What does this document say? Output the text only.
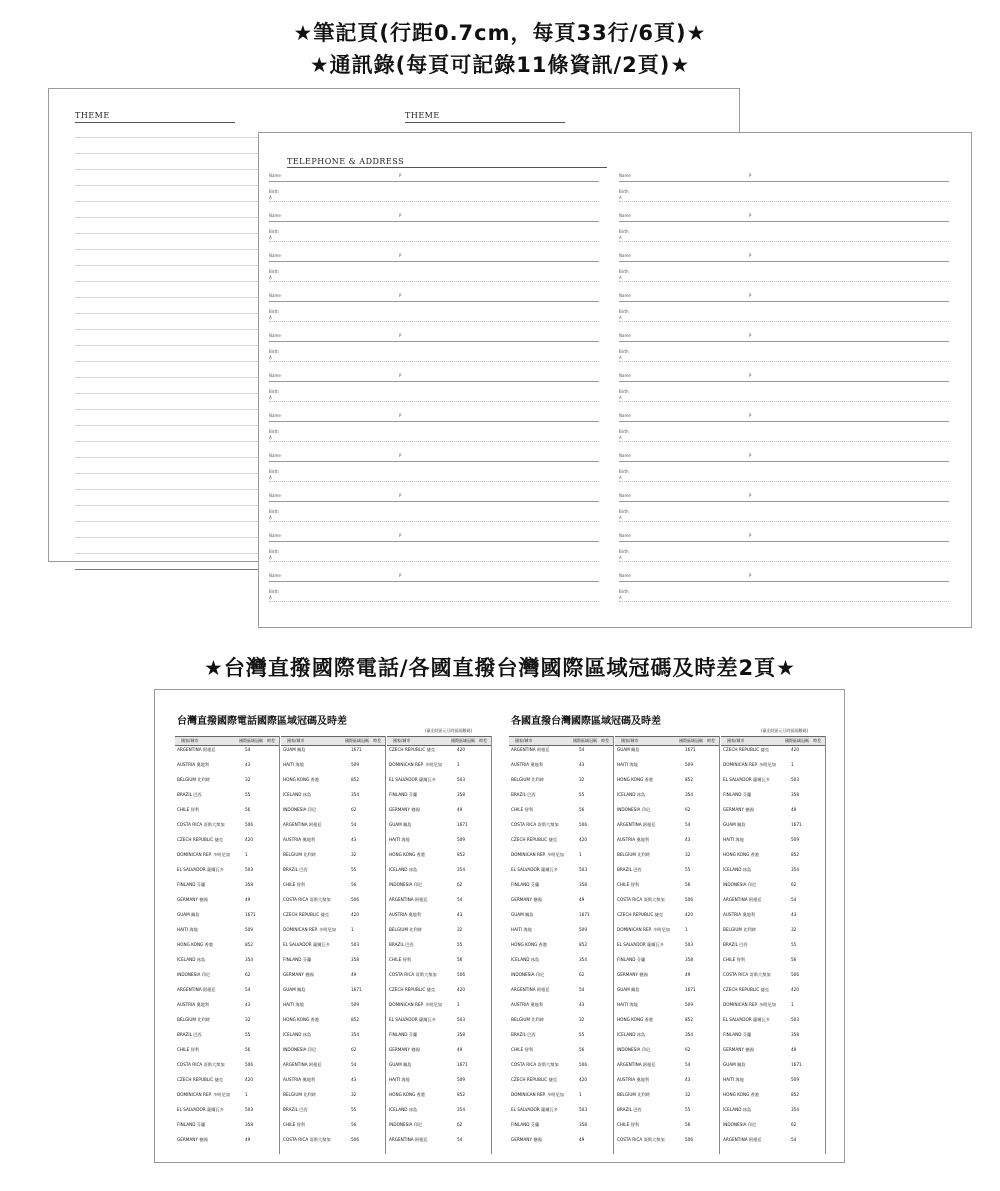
★筆記頁(行距0.7cm，每頁33行/6頁)★
★通訊錄(每頁可記錄11條資訊/2頁)★
THEME	THEME
TELEPHONE & ADDRESS
Name	P
Birth
A
Name	P
Birth
A
Name	P
Birth
A
Name	P
Birth
A
Name	P
Birth
A
Name	P
Birth
A
Name	P
Birth
A
Name	P
Birth
A
Name	P
Birth
A
Name	P
Birth
A
Name	P
Birth
A
Name	P
Birth
A
Name	P
Birth
A
Name	P
Birth
A
Name	P
Birth
A
Name	P
Birth
A
Name	P
Birth
A
Name	P
Birth
A
Name	P
Birth
A
Name	P
Birth
A
Name	P
Birth
A
Name	P
Birth
A
★台灣直撥國際電話/各國直撥台灣國際區域冠碼及時差2頁★
台灣直撥國際電話國際區域冠碼及時差
(臺北時區元旦時區隔數碼)
各國直撥台灣國際區域冠碼及時差
(臺北時區元旦時區隔數碼)
國家/城市	國際區域冠碼 時差
ARGENTINA 阿根廷	54
AUSTRIA 奧地利	43
BELGIUM 比利時	32
BRAZIL 巴西	55
CHILE 智利	56
COSTA RICA 哥斯大黎加	506
CZECH REPUBLIC 捷克	420
DOMINICAN REP. 多明尼加	1
EL SALVADOR 薩爾瓦多	503
FINLAND 芬蘭	358
GERMANY 德國	49
GUAM 關島	1671
HAITI 海地	509
HONG KONG 香港	852
ICELAND 冰島	354
INDONESIA 印尼	62
ARGENTINA 阿根廷	54
AUSTRIA 奧地利	43
BELGIUM 比利時	32
BRAZIL 巴西	55
CHILE 智利	56
COSTA RICA 哥斯大黎加	506
CZECH REPUBLIC 捷克	420
DOMINICAN REP. 多明尼加	1
EL SALVADOR 薩爾瓦多	503
FINLAND 芬蘭	358
GERMANY 德國	49
國家/城市	國際區域冠碼 時差
GUAM 關島	1671
HAITI 海地	509
HONG KONG 香港	852
ICELAND 冰島	354
INDONESIA 印尼	62
ARGENTINA 阿根廷	54
AUSTRIA 奧地利	43
BELGIUM 比利時	32
BRAZIL 巴西	55
CHILE 智利	56
COSTA RICA 哥斯大黎加	506
CZECH REPUBLIC 捷克	420
DOMINICAN REP. 多明尼加	1
EL SALVADOR 薩爾瓦多	503
FINLAND 芬蘭	358
GERMANY 德國	49
GUAM 關島	1671
HAITI 海地	509
HONG KONG 香港	852
ICELAND 冰島	354
INDONESIA 印尼	62
ARGENTINA 阿根廷	54
AUSTRIA 奧地利	43
BELGIUM 比利時	32
BRAZIL 巴西	55
CHILE 智利	56
COSTA RICA 哥斯大黎加	506
國家/城市	國際區域冠碼 時差
CZECH REPUBLIC 捷克	420
DOMINICAN REP. 多明尼加	1
EL SALVADOR 薩爾瓦多	503
FINLAND 芬蘭	358
GERMANY 德國	49
GUAM 關島	1671
HAITI 海地	509
HONG KONG 香港	852
ICELAND 冰島	354
INDONESIA 印尼	62
ARGENTINA 阿根廷	54
AUSTRIA 奧地利	43
BELGIUM 比利時	32
BRAZIL 巴西	55
CHILE 智利	56
COSTA RICA 哥斯大黎加	506
CZECH REPUBLIC 捷克	420
DOMINICAN REP. 多明尼加	1
EL SALVADOR 薩爾瓦多	503
FINLAND 芬蘭	358
GERMANY 德國	49
GUAM 關島	1671
HAITI 海地	509
HONG KONG 香港	852
ICELAND 冰島	354
INDONESIA 印尼	62
ARGENTINA 阿根廷	54
國家/城市	國際區域冠碼 時差
ARGENTINA 阿根廷	54
AUSTRIA 奧地利	43
BELGIUM 比利時	32
BRAZIL 巴西	55
CHILE 智利	56
COSTA RICA 哥斯大黎加	506
CZECH REPUBLIC 捷克	420
DOMINICAN REP. 多明尼加	1
EL SALVADOR 薩爾瓦多	503
FINLAND 芬蘭	358
GERMANY 德國	49
GUAM 關島	1671
HAITI 海地	509
HONG KONG 香港	852
ICELAND 冰島	354
INDONESIA 印尼	62
ARGENTINA 阿根廷	54
AUSTRIA 奧地利	43
BELGIUM 比利時	32
BRAZIL 巴西	55
CHILE 智利	56
COSTA RICA 哥斯大黎加	506
CZECH REPUBLIC 捷克	420
DOMINICAN REP. 多明尼加	1
EL SALVADOR 薩爾瓦多	503
FINLAND 芬蘭	358
GERMANY 德國	49
國家/城市	國際區域冠碼 時差
GUAM 關島	1671
HAITI 海地	509
HONG KONG 香港	852
ICELAND 冰島	354
INDONESIA 印尼	62
ARGENTINA 阿根廷	54
AUSTRIA 奧地利	43
BELGIUM 比利時	32
BRAZIL 巴西	55
CHILE 智利	56
COSTA RICA 哥斯大黎加	506
CZECH REPUBLIC 捷克	420
DOMINICAN REP. 多明尼加	1
EL SALVADOR 薩爾瓦多	503
FINLAND 芬蘭	358
GERMANY 德國	49
GUAM 關島	1671
HAITI 海地	509
HONG KONG 香港	852
ICELAND 冰島	354
INDONESIA 印尼	62
ARGENTINA 阿根廷	54
AUSTRIA 奧地利	43
BELGIUM 比利時	32
BRAZIL 巴西	55
CHILE 智利	56
COSTA RICA 哥斯大黎加	506
國家/城市	國際區域冠碼 時差
CZECH REPUBLIC 捷克	420
DOMINICAN REP. 多明尼加	1
EL SALVADOR 薩爾瓦多	503
FINLAND 芬蘭	358
GERMANY 德國	49
GUAM 關島	1671
HAITI 海地	509
HONG KONG 香港	852
ICELAND 冰島	354
INDONESIA 印尼	62
ARGENTINA 阿根廷	54
AUSTRIA 奧地利	43
BELGIUM 比利時	32
BRAZIL 巴西	55
CHILE 智利	56
COSTA RICA 哥斯大黎加	506
CZECH REPUBLIC 捷克	420
DOMINICAN REP. 多明尼加	1
EL SALVADOR 薩爾瓦多	503
FINLAND 芬蘭	358
GERMANY 德國	49
GUAM 關島	1671
HAITI 海地	509
HONG KONG 香港	852
ICELAND 冰島	354
INDONESIA 印尼	62
ARGENTINA 阿根廷	54
